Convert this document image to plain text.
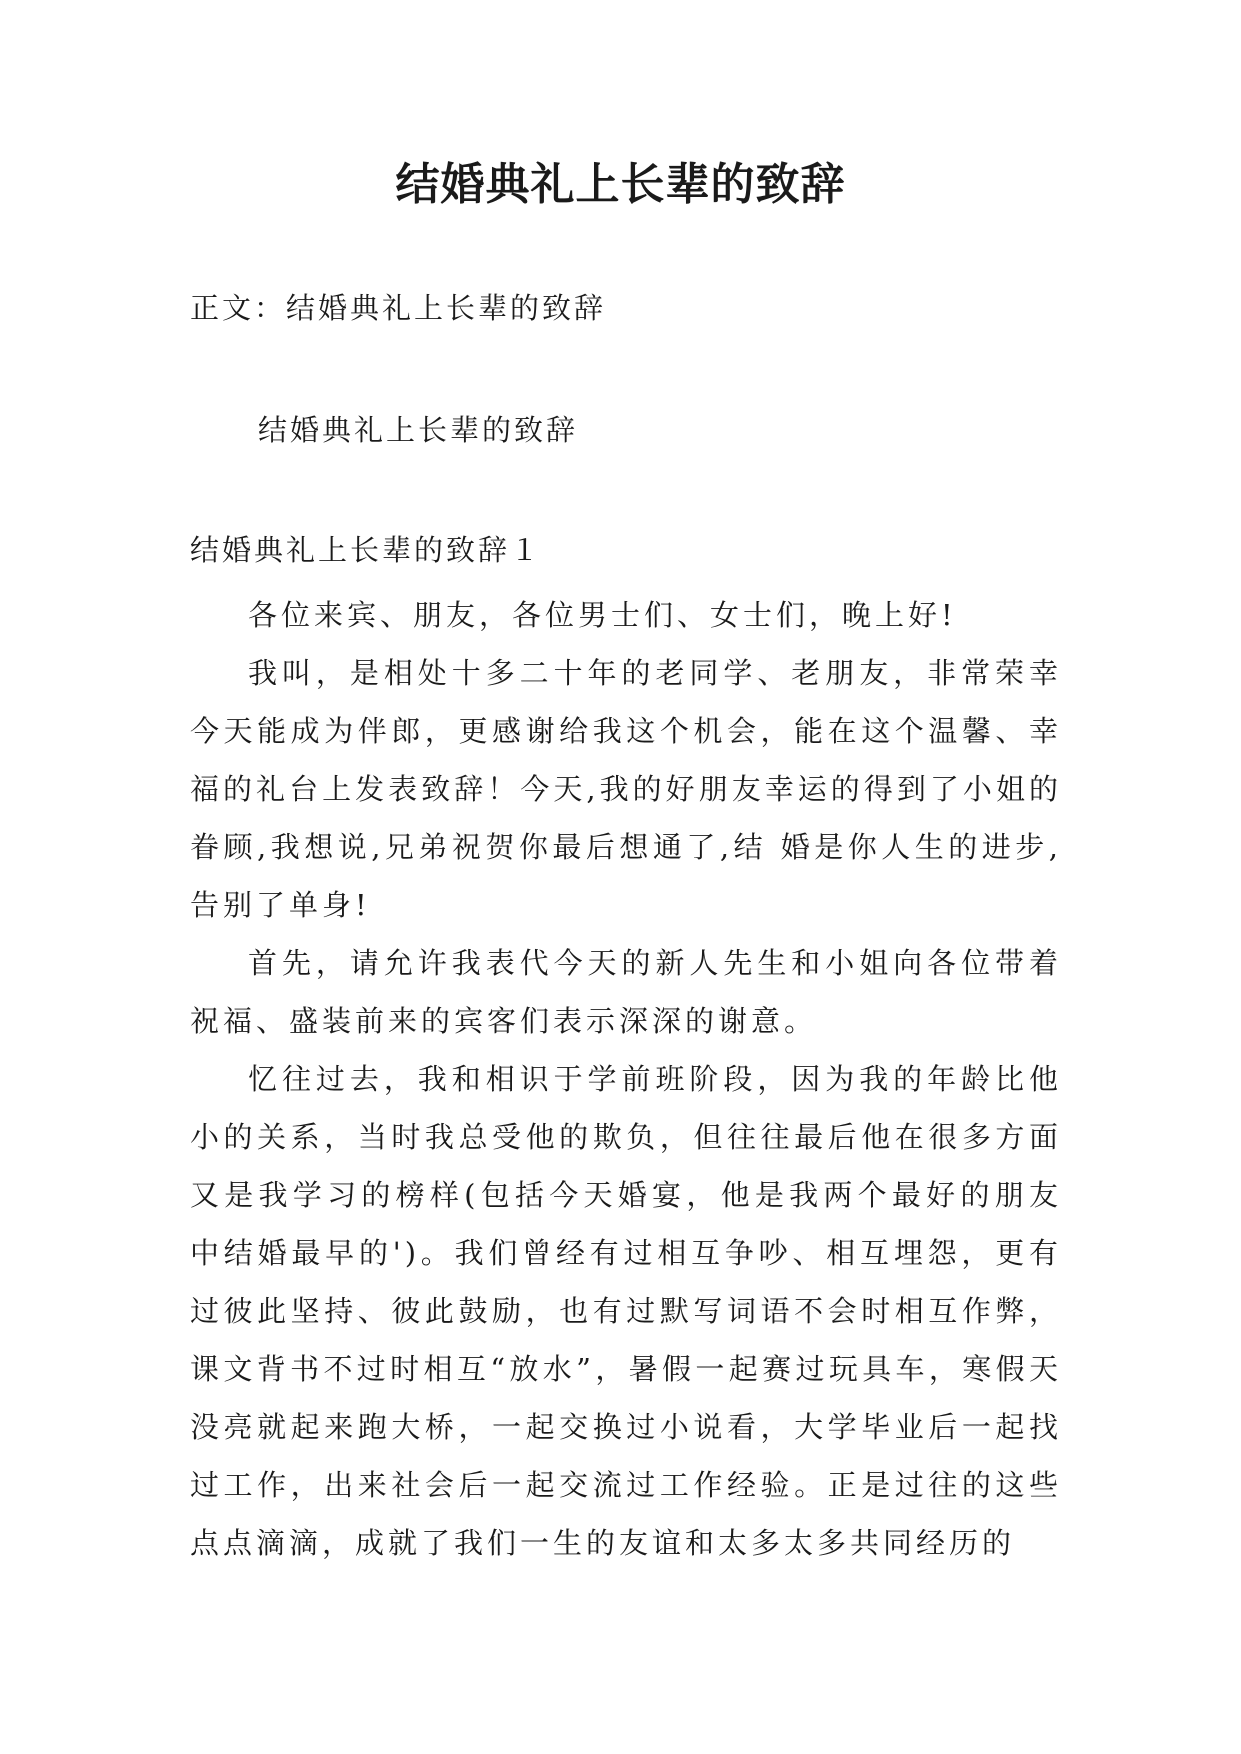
结婚典礼上长辈的致辞
正文：结婚典礼上长辈的致辞
结婚典礼上长辈的致辞
结婚典礼上长辈的致辞１

各位来宾、朋友，各位男士们、女士们，晚上好!

我叫，是相处十多二十年的老同学、老朋友，非常荣幸今天能成为伴郎，更感谢给我这个机会，能在这个温馨、幸福的礼台上发表致辞！今天,我的好朋友幸运的得到了小姐的眷顾,我想说,兄弟祝贺你最后想通了,结 婚是你人生的进步,告别了单身!

首先，请允许我表代今天的新人先生和小姐向各位带着祝福、盛装前来的宾客们表示深深的谢意。

忆往过去，我和相识于学前班阶段，因为我的年龄比他小的关系，当时我总受他的欺负，但往往最后他在很多方面又是我学习的榜样(包括今天婚宴，他是我两个最好的朋友中结婚最早的')。我们曾经有过相互争吵、相互埋怨，更有过彼此坚持、彼此鼓励，也有过默写词语不会时相互作弊，课文背书不过时相互“放水”，暑假一起赛过玩具车，寒假天没亮就起来跑大桥，一起交换过小说看，大学毕业后一起找过工作，出来社会后一起交流过工作经验。正是过往的这些点点滴滴，成就了我们一生的友谊和太多太多共同经历的
